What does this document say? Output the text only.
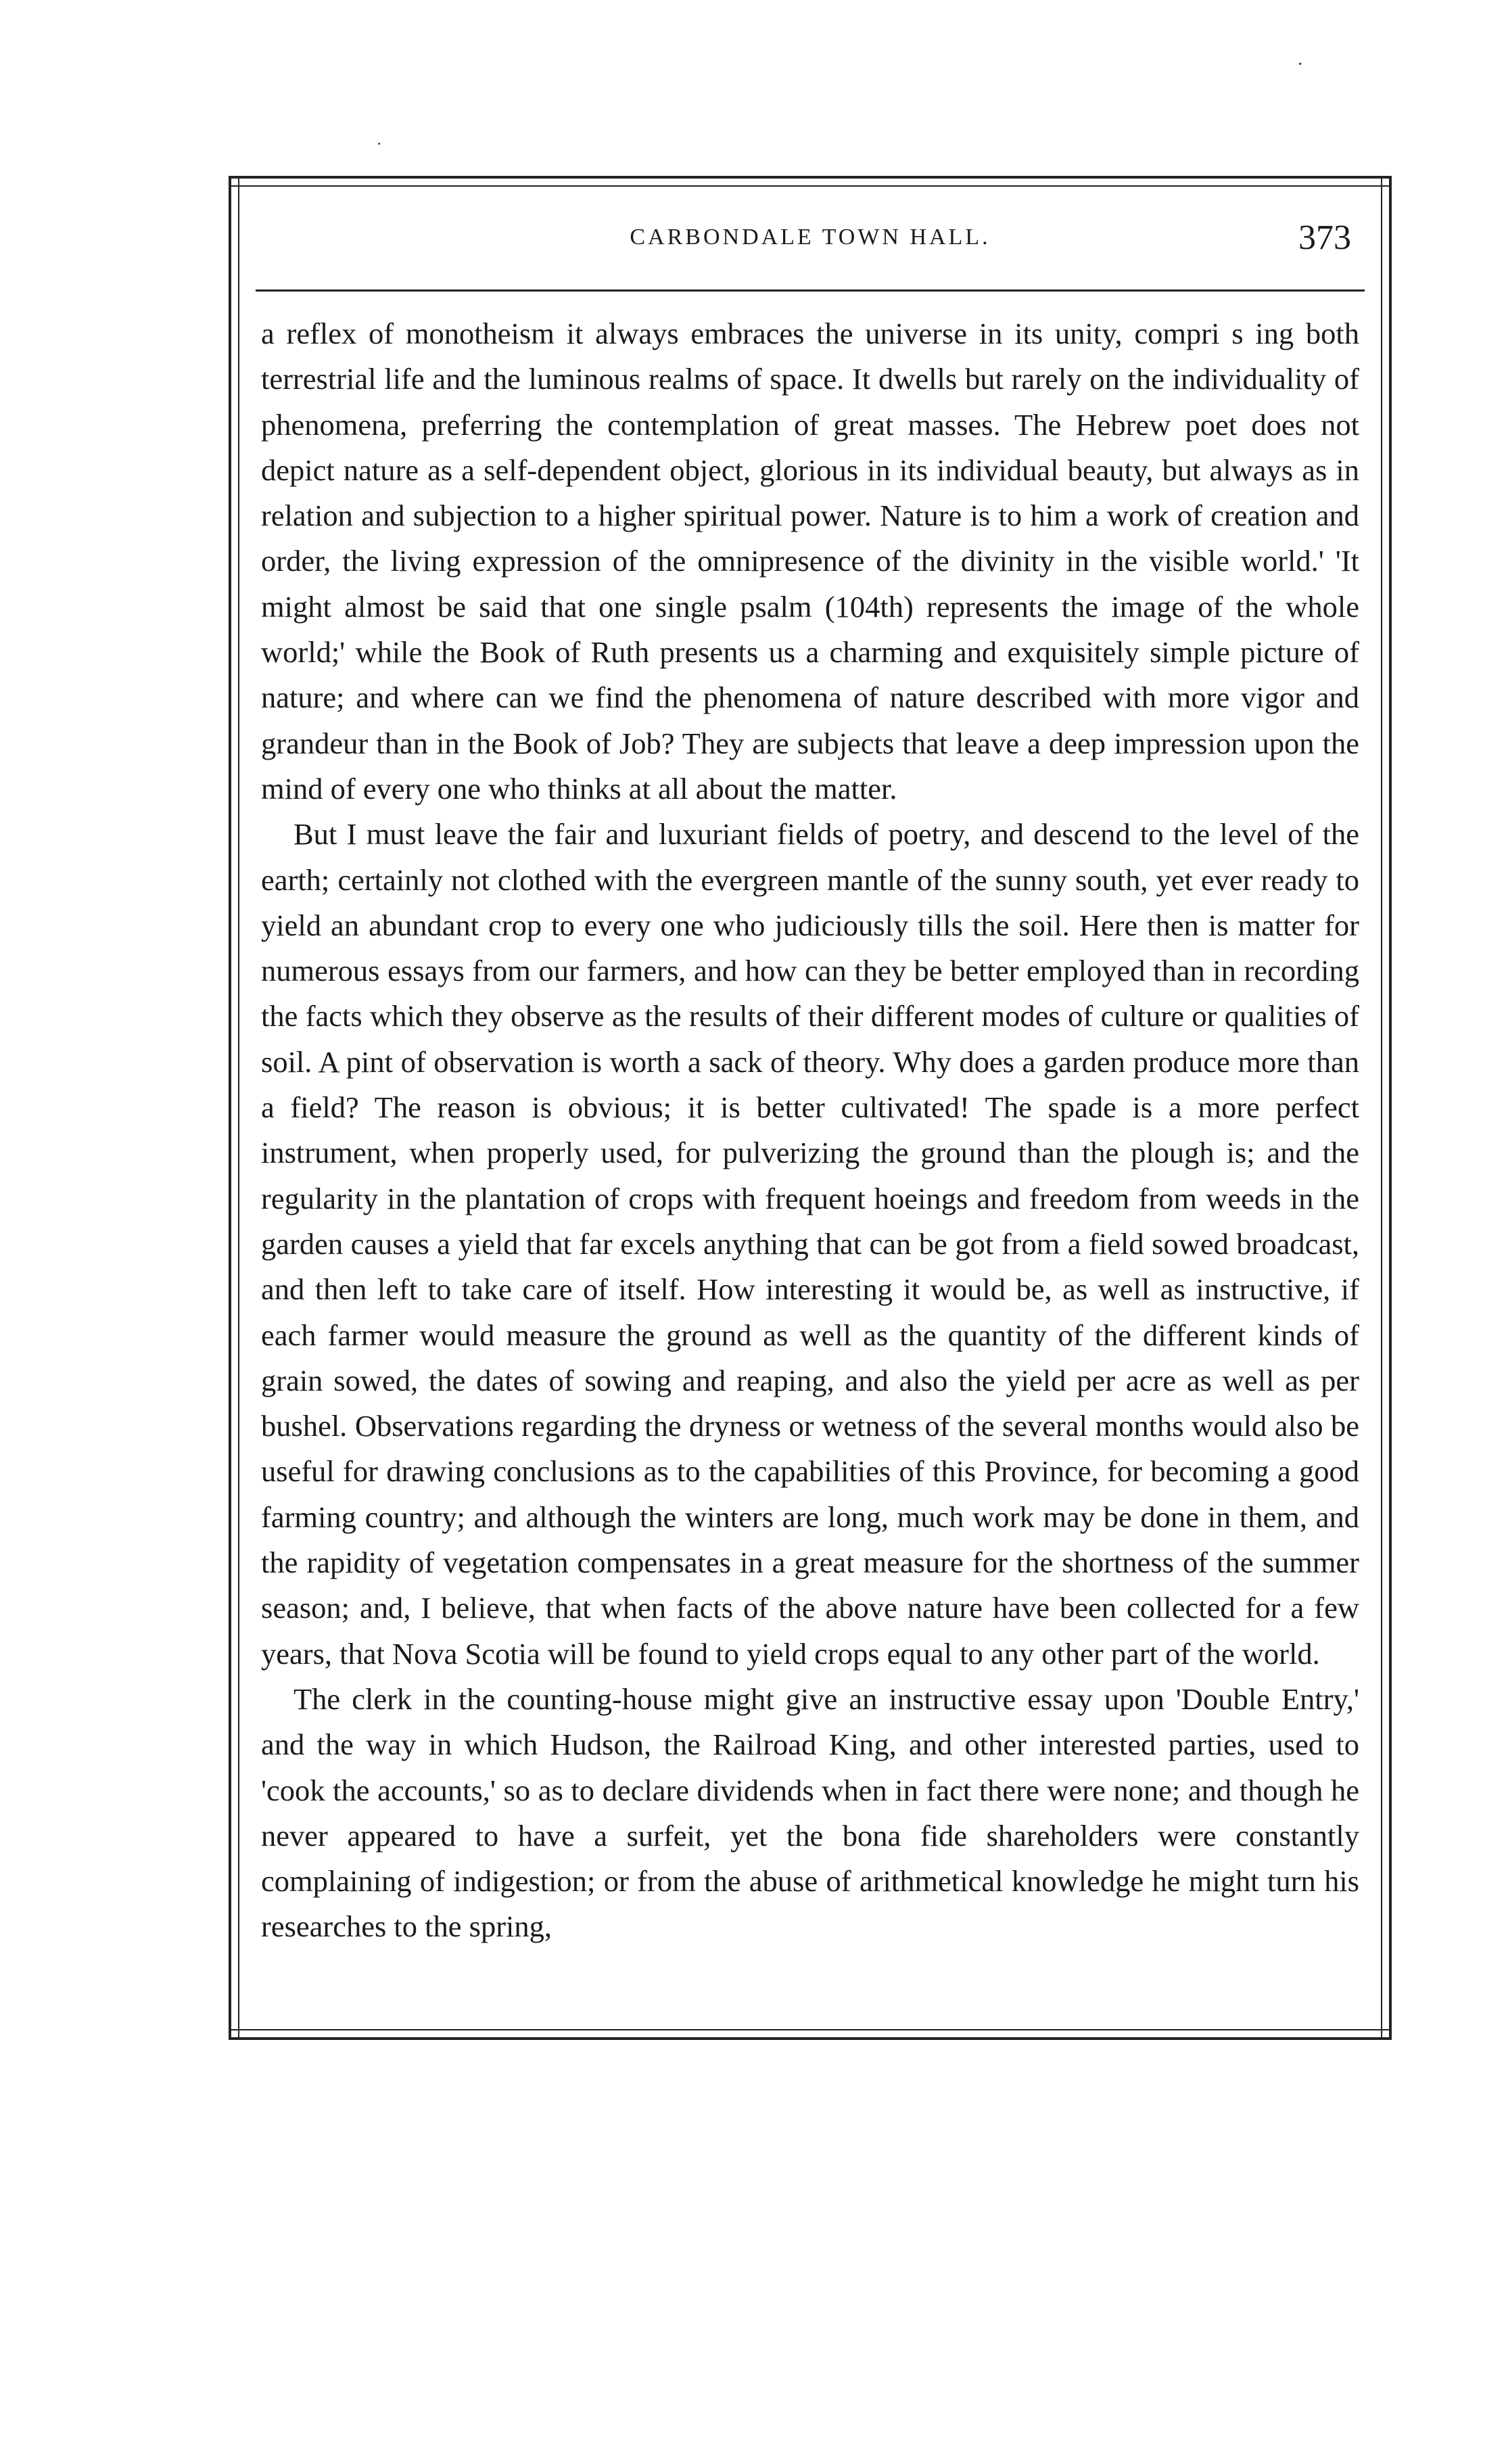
˙
·
CARBONDALE TOWN HALL.	373

a reflex of monotheism it always embraces the universe in its unity, compri s ing both terrestrial life and the luminous realms of space. It dwells but rarely on the individuality of phenomena, preferring the contemplation of great masses. The Hebrew poet does not depict nature as a self-dependent object, glorious in its individual beauty, but always as in relation and subjection to a higher spiritual power. Nature is to him a work of creation and order, the living expression of the omnipresence of the divinity in the visible world.' 'It might almost be said that one single psalm (104th) represents the image of the whole world;' while the Book of Ruth presents us a charming and exquisitely simple picture of nature; and where can we find the phenomena of nature described with more vigor and grandeur than in the Book of Job? They are subjects that leave a deep impression upon the mind of every one who thinks at all about the matter.

But I must leave the fair and luxuriant fields of poetry, and descend to the level of the earth; certainly not clothed with the evergreen mantle of the sunny south, yet ever ready to yield an abundant crop to every one who judiciously tills the soil. Here then is matter for numerous essays from our farmers, and how can they be better employed than in recording the facts which they observe as the results of their different modes of culture or qualities of soil. A pint of observation is worth a sack of theory. Why does a garden produce more than a field? The reason is obvious; it is better cultivated! The spade is a more perfect instrument, when properly used, for pulverizing the ground than the plough is; and the regularity in the plantation of crops with frequent hoeings and freedom from weeds in the garden causes a yield that far excels anything that can be got from a field sowed broadcast, and then left to take care of itself. How interesting it would be, as well as instructive, if each farmer would measure the ground as well as the quantity of the different kinds of grain sowed, the dates of sowing and reaping, and also the yield per acre as well as per bushel. Observations regarding the dryness or wetness of the several months would also be useful for drawing conclusions as to the capabilities of this Province, for becoming a good farming country; and although the winters are long, much work may be done in them, and the rapidity of vegetation compensates in a great measure for the shortness of the summer season; and, I believe, that when facts of the above nature have been collected for a few years, that Nova Scotia will be found to yield crops equal to any other part of the world.

The clerk in the counting-house might give an instructive essay upon 'Double Entry,' and the way in which Hudson, the Railroad King, and other interested parties, used to 'cook the accounts,' so as to declare dividends when in fact there were none; and though he never appeared to have a surfeit, yet the bona fide shareholders were constantly complaining of indigestion; or from the abuse of arithmetical knowledge he might turn his researches to the spring,
